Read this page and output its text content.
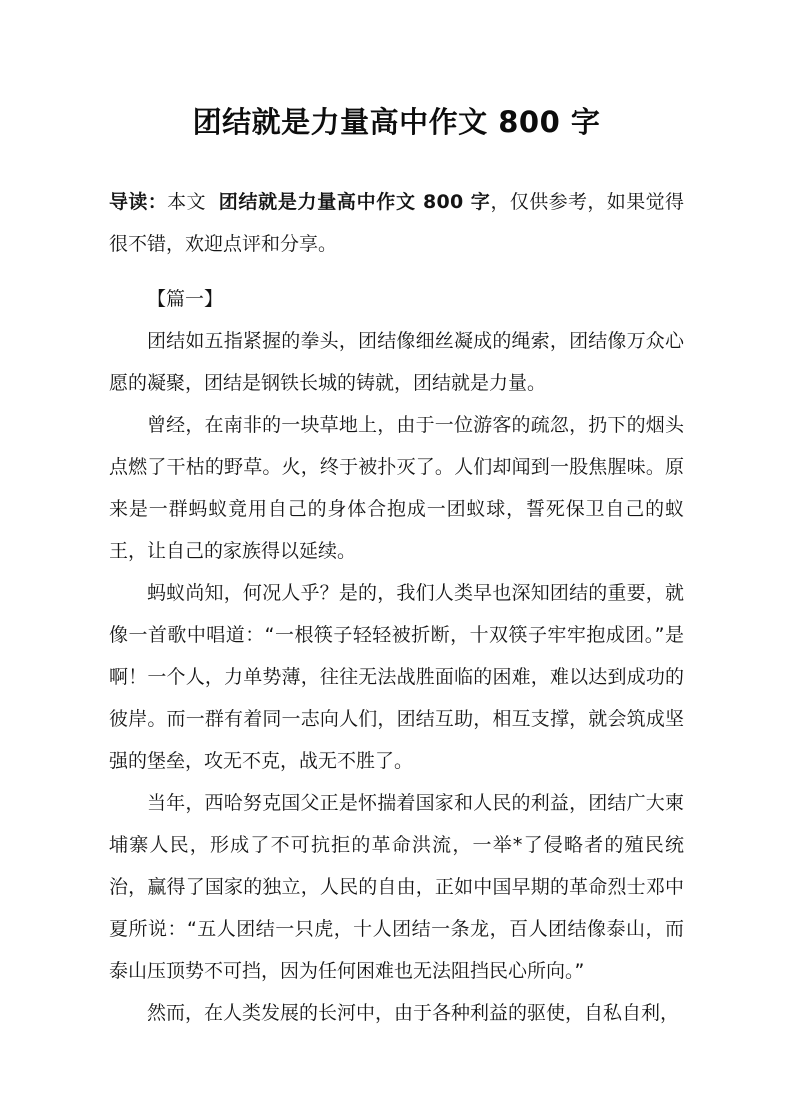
团结就是力量高中作文 800 字

导读：本文 团结就是力量高中作文 800 字，仅供参考，如果觉得很不错，欢迎点评和分享。

【篇一】

团结如五指紧握的拳头，团结像细丝凝成的绳索，团结像万众心愿的凝聚，团结是钢铁长城的铸就，团结就是力量。

曾经，在南非的一块草地上，由于一位游客的疏忽，扔下的烟头点燃了干枯的野草。火，终于被扑灭了。人们却闻到一股焦腥味。原来是一群蚂蚁竟用自己的身体合抱成一团蚁球，誓死保卫自己的蚁王，让自己的家族得以延续。

蚂蚁尚知，何况人乎？是的，我们人类早也深知团结的重要，就像一首歌中唱道：“一根筷子轻轻被折断，十双筷子牢牢抱成团。”是啊！一个人，力单势薄，往往无法战胜面临的困难，难以达到成功的彼岸。而一群有着同一志向人们，团结互助，相互支撑，就会筑成坚强的堡垒，攻无不克，战无不胜了。

当年，西哈努克国父正是怀揣着国家和人民的利益，团结广大柬埔寨人民，形成了不可抗拒的革命洪流，一举*了侵略者的殖民统治，赢得了国家的独立，人民的自由，正如中国早期的革命烈士邓中夏所说：“五人团结一只虎，十人团结一条龙，百人团结像泰山，而泰山压顶势不可挡，因为任何困难也无法阻挡民心所向。”

然而，在人类发展的长河中，由于各种利益的驱使，自私自利，
